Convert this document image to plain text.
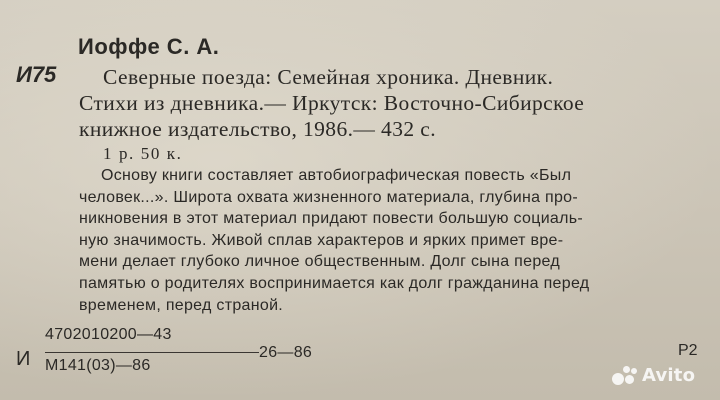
Иоффе С. А.
И75	Северные поезда: Семейная хроника. Дневник.
Стихи из дневника.— Иркутск: Восточно-Сибирское
книжное издательство, 1986.— 432 с.
1 р. 50 к.
Основу книги составляет автобиографическая повесть «Был
человек...». Широта охвата жизненного материала, глубина про-
никновения в этот материал придают повести большую социаль-
ную значимость. Живой сплав характеров и ярких примет вре-
мени делает глубоко личное общественным. Долг сына перед
памятью о родителях воспринимается как долг гражданина перед
временем, перед страной.
И
4702010200—43
М141(03)—86
26—86	Р2
Avito
